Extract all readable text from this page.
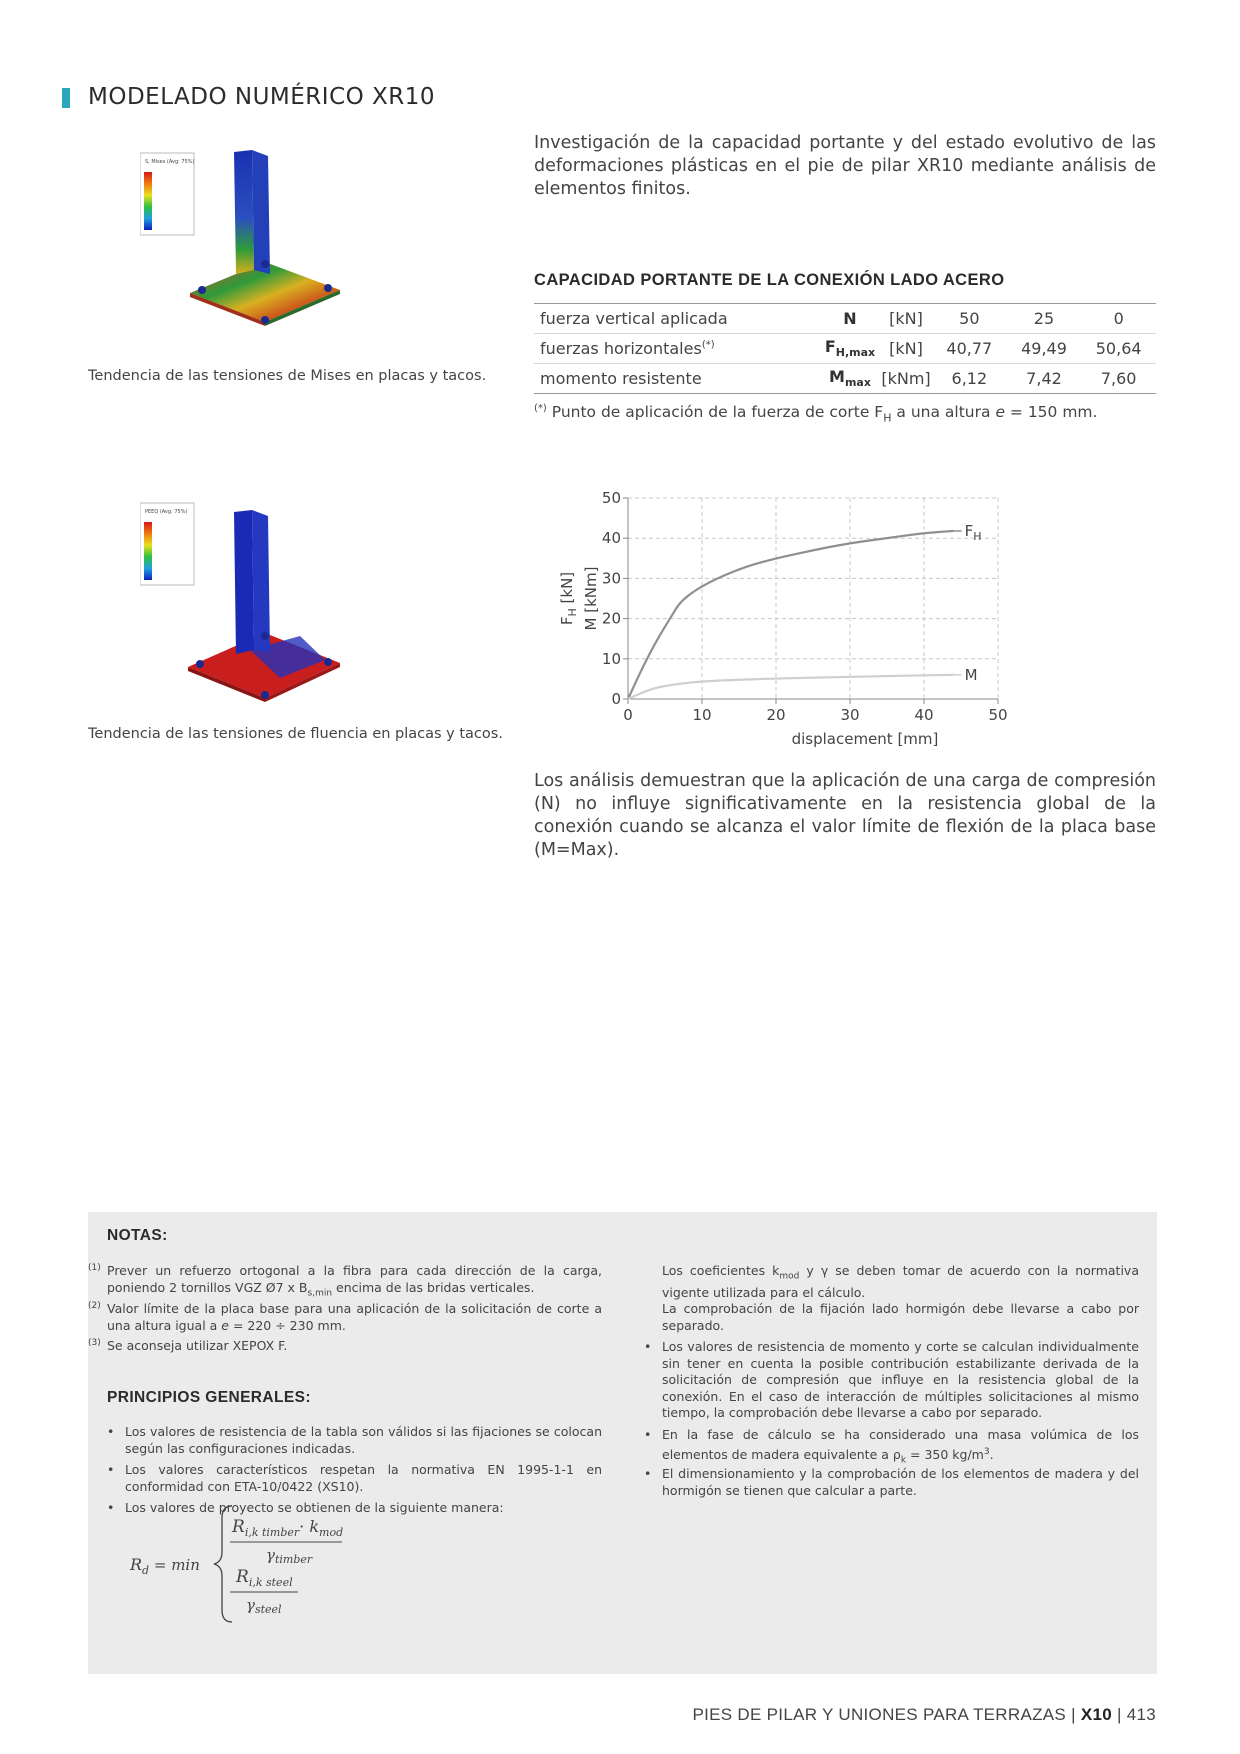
MODELADO NUMÉRICO XR10
S, Mises (Avg: 75%)
Tendencia de las tensiones de Mises en placas y tacos.
Investigación de la capacidad portante y del estado evolutivo de las deformaciones plásticas en el pie de pilar XR10 mediante análisis de elementos finitos.
CAPACIDAD PORTANTE DE LA CONEXIÓN LADO ACERO
fuerza vertical aplicada	N	[kN]	50	25	0
fuerzas horizontales(*)	$F_{H,max}$	[kN]	40,77	49,49	50,64
momento resistente	$M_{max}$	[kNm]	6,12	7,42	7,60
(*) Punto de aplicación de la fuerza de corte $F_H$ a una altura e = 150 mm.
PEEQ (Avg: 75%)
Tendencia de las tensiones de fluencia en placas y tacos.
0	10	20	30	40	50
0
10
20
30
40
50
$F_H$
M
displacement [mm]
$F_H$ [kN] M [kNm]
Los análisis demuestran que la aplicación de una carga de compresión (N) no influye significativamente en la resistencia global de la conexión cuando se alcanza el valor límite de flexión de la placa base (M=Max).
NOTAS:
(1) Prever un refuerzo ortogonal a la fibra para cada dirección de la carga, poniendo 2 tornillos VGZ Ø7 x $B_{s,min}$ encima de las bridas verticales.
(2) Valor límite de la placa base para una aplicación de la solicitación de corte a una altura igual a e = 220 ÷ 230 mm.
(3) Se aconseja utilizar XEPOX F.
PRINCIPIOS GENERALES:
• Los valores de resistencia de la tabla son válidos si las fijaciones se colocan según las configuraciones indicadas.
• Los valores característicos respetan la normativa EN 1995-1-1 en conformidad con ETA-10/0422 (XS10).
• Los valores de proyecto se obtienen de la siguiente manera:
$R_d = \min$
$R_{i,k timber}\cdot k_{mod}$
$\gamma_{timber}$
$R_{i,k steel}$
$\gamma_{steel}$
Los coeficientes $k_{mod}$ y γ se deben tomar de acuerdo con la normativa vigente utilizada para el cálculo.
La comprobación de la fijación lado hormigón debe llevarse a cabo por separado.
• Los valores de resistencia de momento y corte se calculan individualmente sin tener en cuenta la posible contribución estabilizante derivada de la solicitación de compresión que influye en la resistencia global de la conexión. En el caso de interacción de múltiples solicitaciones al mismo tiempo, la comprobación debe llevarse a cabo por separado.
• En la fase de cálculo se ha considerado una masa volúmica de los elementos de madera equivalente a $\rho_k = 350$ $kg/m^3$.
• El dimensionamiento y la comprobación de los elementos de madera y del hormigón se tienen que calcular a parte.
PIES DE PILAR Y UNIONES PARA TERRAZAS | X10 | 413
